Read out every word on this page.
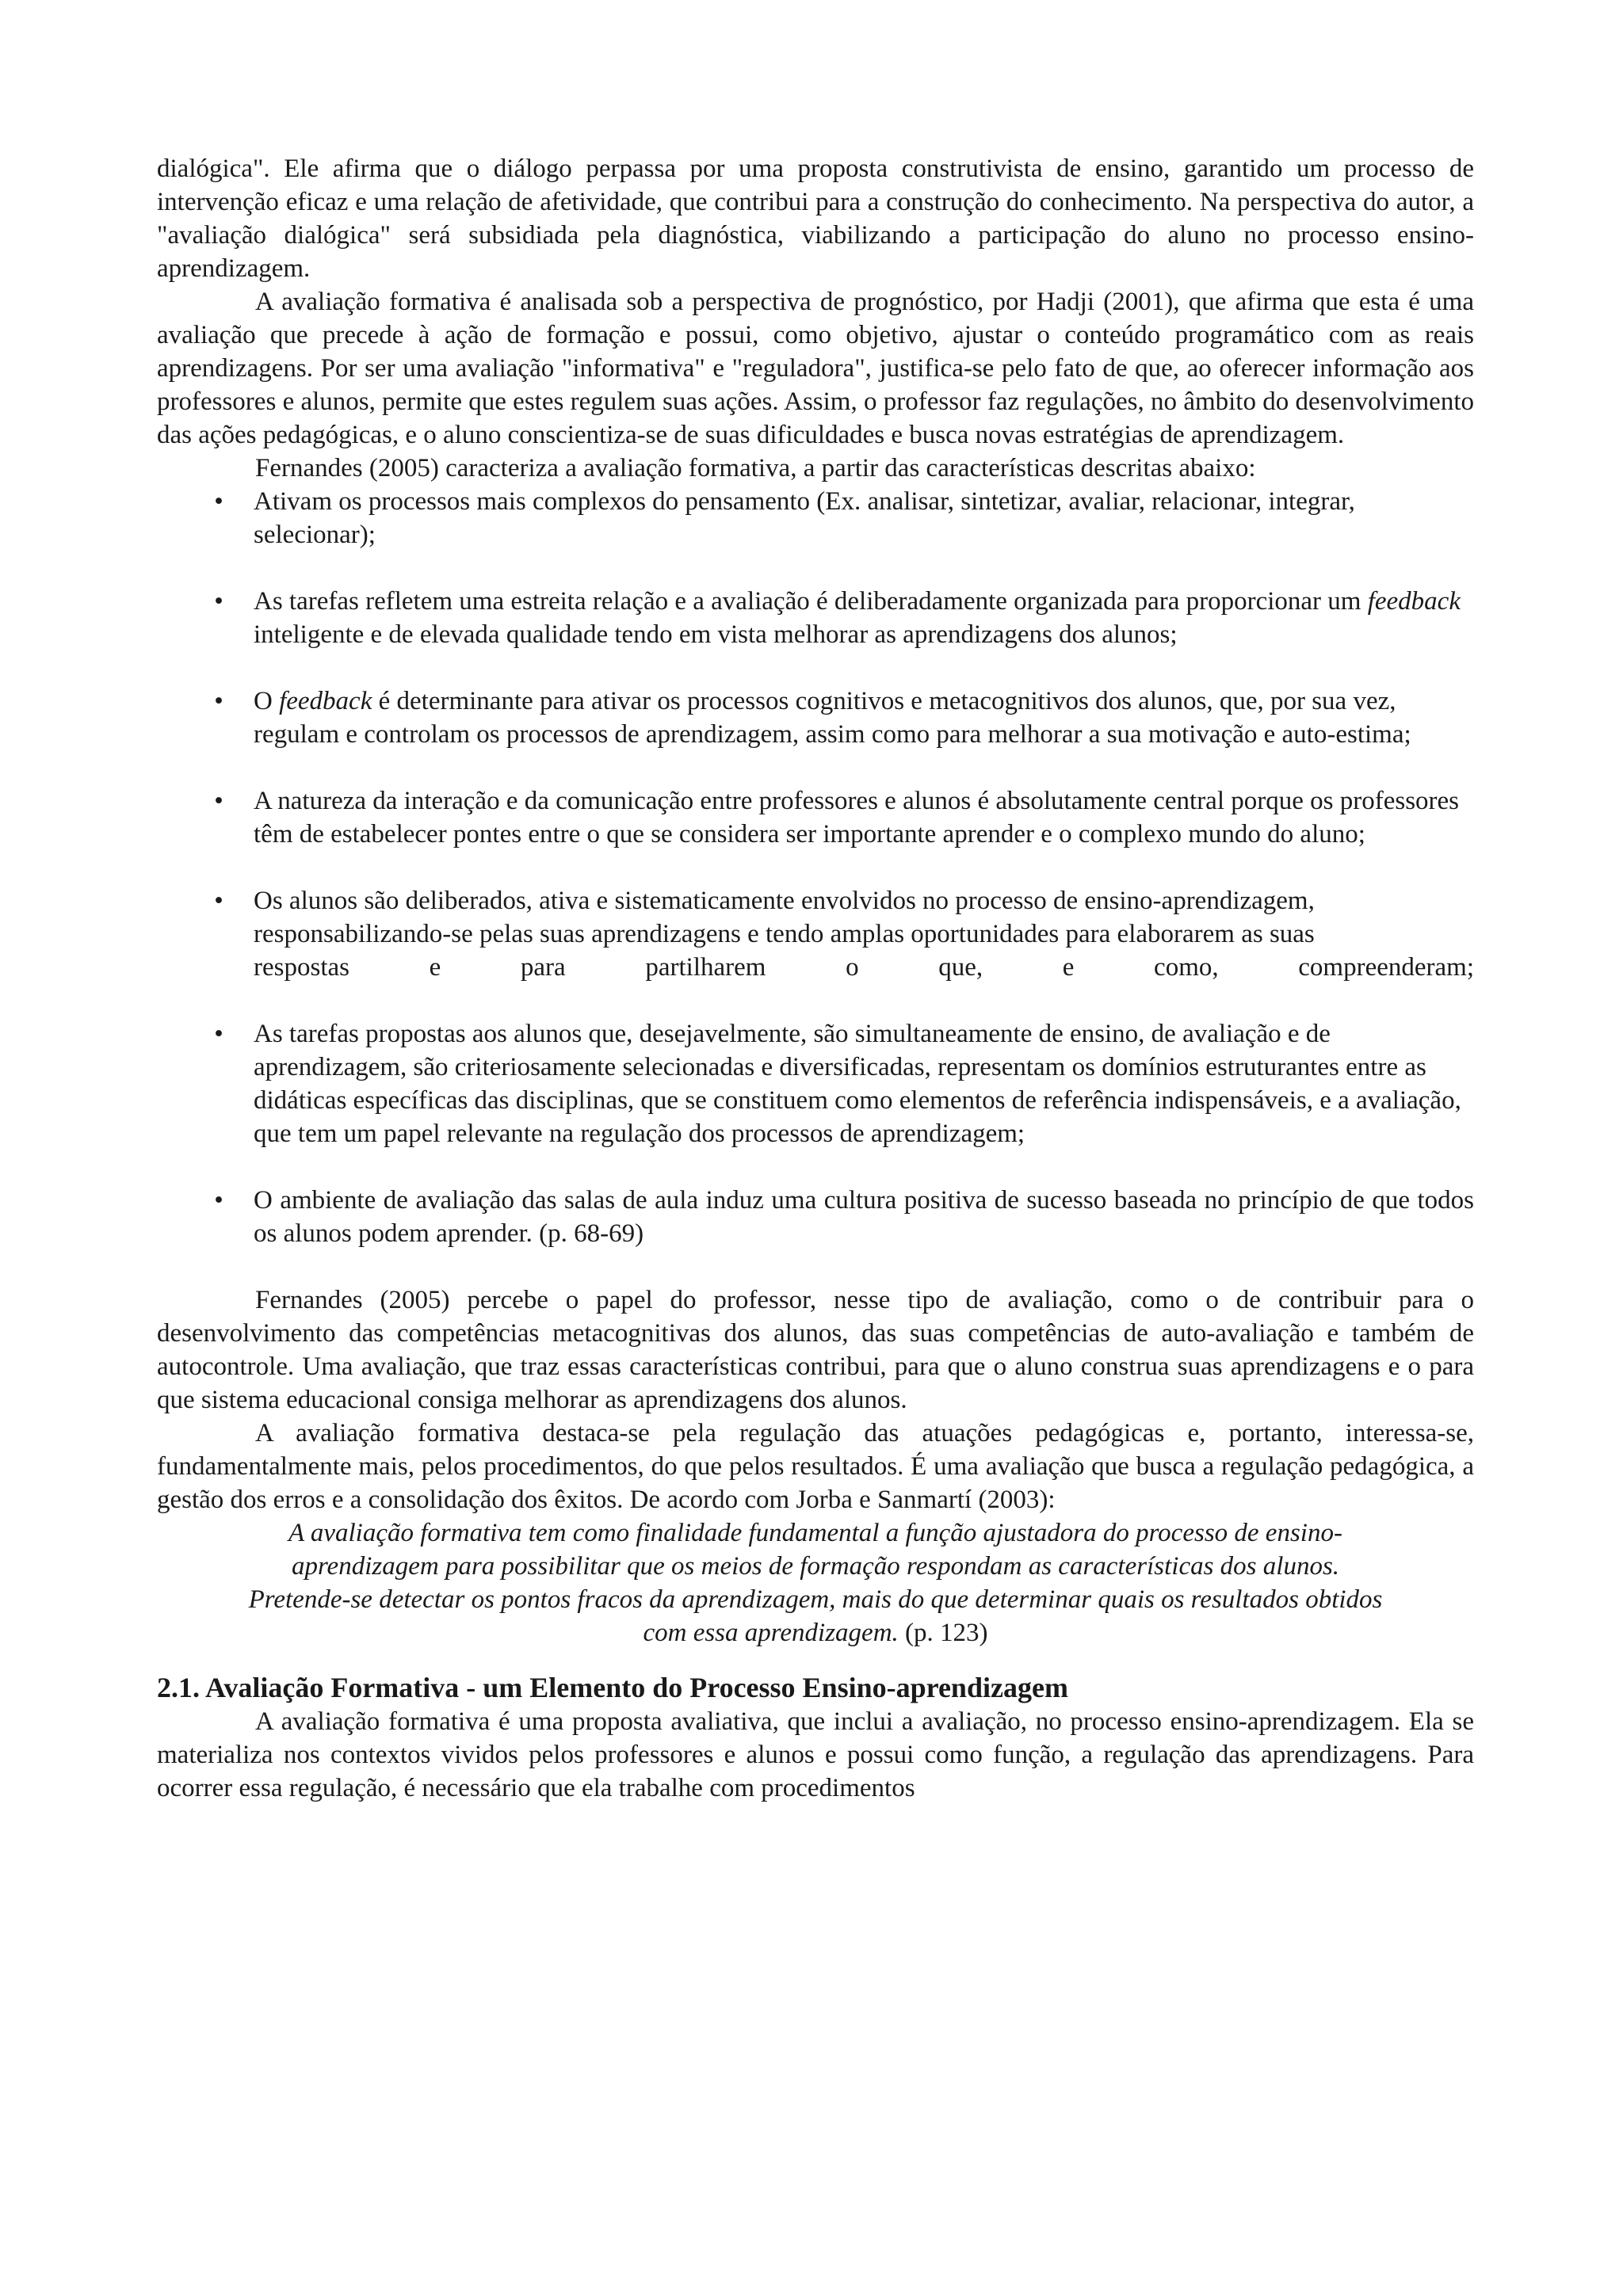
dialógica". Ele afirma que o diálogo perpassa por uma proposta construtivista de ensino, garantido um processo de intervenção eficaz e uma relação de afetividade, que contribui para a construção do conhecimento. Na perspectiva do autor, a "avaliação dialógica" será subsidiada pela diagnóstica, viabilizando a participação do aluno no processo ensino-aprendizagem.

A avaliação formativa é analisada sob a perspectiva de prognóstico, por Hadji (2001), que afirma que esta é uma avaliação que precede à ação de formação e possui, como objetivo, ajustar o conteúdo programático com as reais aprendizagens. Por ser uma avaliação "informativa" e "reguladora", justifica-se pelo fato de que, ao oferecer informação aos professores e alunos, permite que estes regulem suas ações. Assim, o professor faz regulações, no âmbito do desenvolvimento das ações pedagógicas, e o aluno conscientiza-se de suas dificuldades e busca novas estratégias de aprendizagem.

Fernandes (2005) caracteriza a avaliação formativa, a partir das características descritas abaixo:

• Ativam os processos mais complexos do pensamento (Ex. analisar, sintetizar, avaliar, relacionar, integrar, selecionar);
• As tarefas refletem uma estreita relação e a avaliação é deliberadamente organizada para proporcionar um feedback inteligente e de elevada qualidade tendo em vista melhorar as aprendizagens dos alunos;
• O feedback é determinante para ativar os processos cognitivos e metacognitivos dos alunos, que, por sua vez, regulam e controlam os processos de aprendizagem, assim como para melhorar a sua motivação e auto-estima;
• A natureza da interação e da comunicação entre professores e alunos é absolutamente central porque os professores têm de estabelecer pontes entre o que se considera ser importante aprender e o complexo mundo do aluno;
• Os alunos são deliberados, ativa e sistematicamente envolvidos no processo de ensino-aprendizagem, responsabilizando-se pelas suas aprendizagens e tendo amplas oportunidades para elaborarem as suas
respostas e para partilharem o que, e como, compreenderam;
• As tarefas propostas aos alunos que, desejavelmente, são simultaneamente de ensino, de avaliação e de aprendizagem, são criteriosamente selecionadas e diversificadas, representam os domínios estruturantes entre as didáticas específicas das disciplinas, que se constituem como elementos de referência indispensáveis, e a avaliação, que tem um papel relevante na regulação dos processos de aprendizagem;
• O ambiente de avaliação das salas de aula induz uma cultura positiva de sucesso baseada no princípio de que todos os alunos podem aprender. (p. 68-69)

Fernandes (2005) percebe o papel do professor, nesse tipo de avaliação, como o de contribuir para o desenvolvimento das competências metacognitivas dos alunos, das suas competências de auto-avaliação e também de autocontrole. Uma avaliação, que traz essas características contribui, para que o aluno construa suas aprendizagens e o para que sistema educacional consiga melhorar as aprendizagens dos alunos.

A avaliação formativa destaca-se pela regulação das atuações pedagógicas e, portanto, interessa-se, fundamentalmente mais, pelos procedimentos, do que pelos resultados. É uma avaliação que busca a regulação pedagógica, a gestão dos erros e a consolidação dos êxitos. De acordo com Jorba e Sanmartí (2003):

A avaliação formativa tem como finalidade fundamental a função ajustadora do processo de ensino-
aprendizagem para possibilitar que os meios de formação respondam as características dos alunos.
Pretende-se detectar os pontos fracos da aprendizagem, mais do que determinar quais os resultados obtidos
com essa aprendizagem. (p. 123)
2.1. Avaliação Formativa - um Elemento do Processo Ensino-aprendizagem

A avaliação formativa é uma proposta avaliativa, que inclui a avaliação, no processo ensino-aprendizagem. Ela se materializa nos contextos vividos pelos professores e alunos e possui como função, a regulação das aprendizagens. Para ocorrer essa regulação, é necessário que ela trabalhe com procedimentos
